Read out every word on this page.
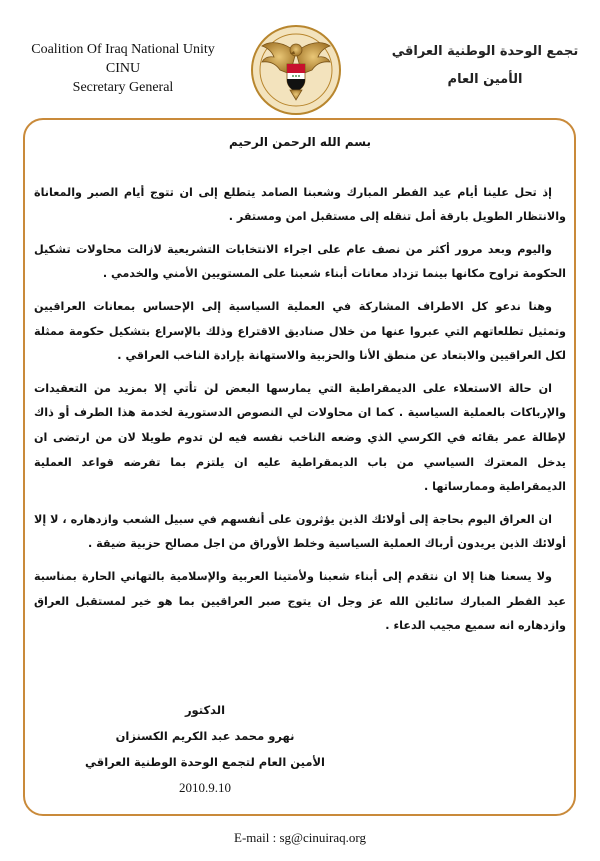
Coalition Of Iraq National Unity
CINU
Secretary General
تجمع الوحدة الوطنية العراقي
الأمين العام
بسم الله الرحمن الرحيم

إذ تحل علينا أيام عيد الفطر المبارك وشعبنا الصامد يتطلع إلى ان تتوج أيام الصبر والمعاناة والانتظار الطويل بارقة أمل تنقله إلى مستقبل امن ومستقر .

واليوم وبعد مرور أكثر من نصف عام على اجراء الانتخابات التشريعية لازالت محاولات تشكيل الحكومة تراوح مكانها بينما تزداد معانات أبناء شعبنا على المستويين الأمني والخدمي .

وهنا ندعو كل الاطراف المشاركة في العملية السياسية إلى الإحساس بمعانات العراقيين وتمثيل تطلعاتهم التي عبروا عنها من خلال صناديق الاقتراع وذلك بالإسراع بتشكيل حكومة ممثلة لكل العراقيين والابتعاد عن منطق الأنا والحزبية والاستهانة بإرادة الناخب العراقي .

ان حالة الاستعلاء على الديمقراطية التي يمارسها البعض لن تأتي إلا بمزيد من التعقيدات والإرباكات بالعملية السياسية . كما ان محاولات لي النصوص الدستورية لخدمة هذا الطرف أو ذاك لإطالة عمر بقائه في الكرسي الذي وضعه الناخب نفسه فيه لن تدوم طويلا لان من ارتضى ان يدخل المعترك السياسي من باب الديمقراطية عليه ان يلتزم بما تفرضه قواعد العملية الديمقراطية وممارساتها .

ان العراق اليوم بحاجة إلى أولائك الذين يؤثرون على أنفسهم في سبيل الشعب وازدهاره ، لا إلا أولائك الذين يريدون أرباك العملية السياسية وخلط الأوراق من اجل مصالح حزبية ضيقة .

ولا يسعنا هنا إلا ان نتقدم إلى أبناء شعبنا ولأمتينا العربية والإسلامية بالتهاني الحارة بمناسبة عيد الفطر المبارك سائلين الله عز وجل ان يتوج صبر العراقيين بما هو خير لمستقبل العراق وازدهاره انه سميع مجيب الدعاء .

الدكتور
نهرو محمد عبد الكريم الكسنزان
الأمين العام لتجمع الوحدة الوطنية العراقي
2010.9.10
E-mail : sg@cinuiraq.org
